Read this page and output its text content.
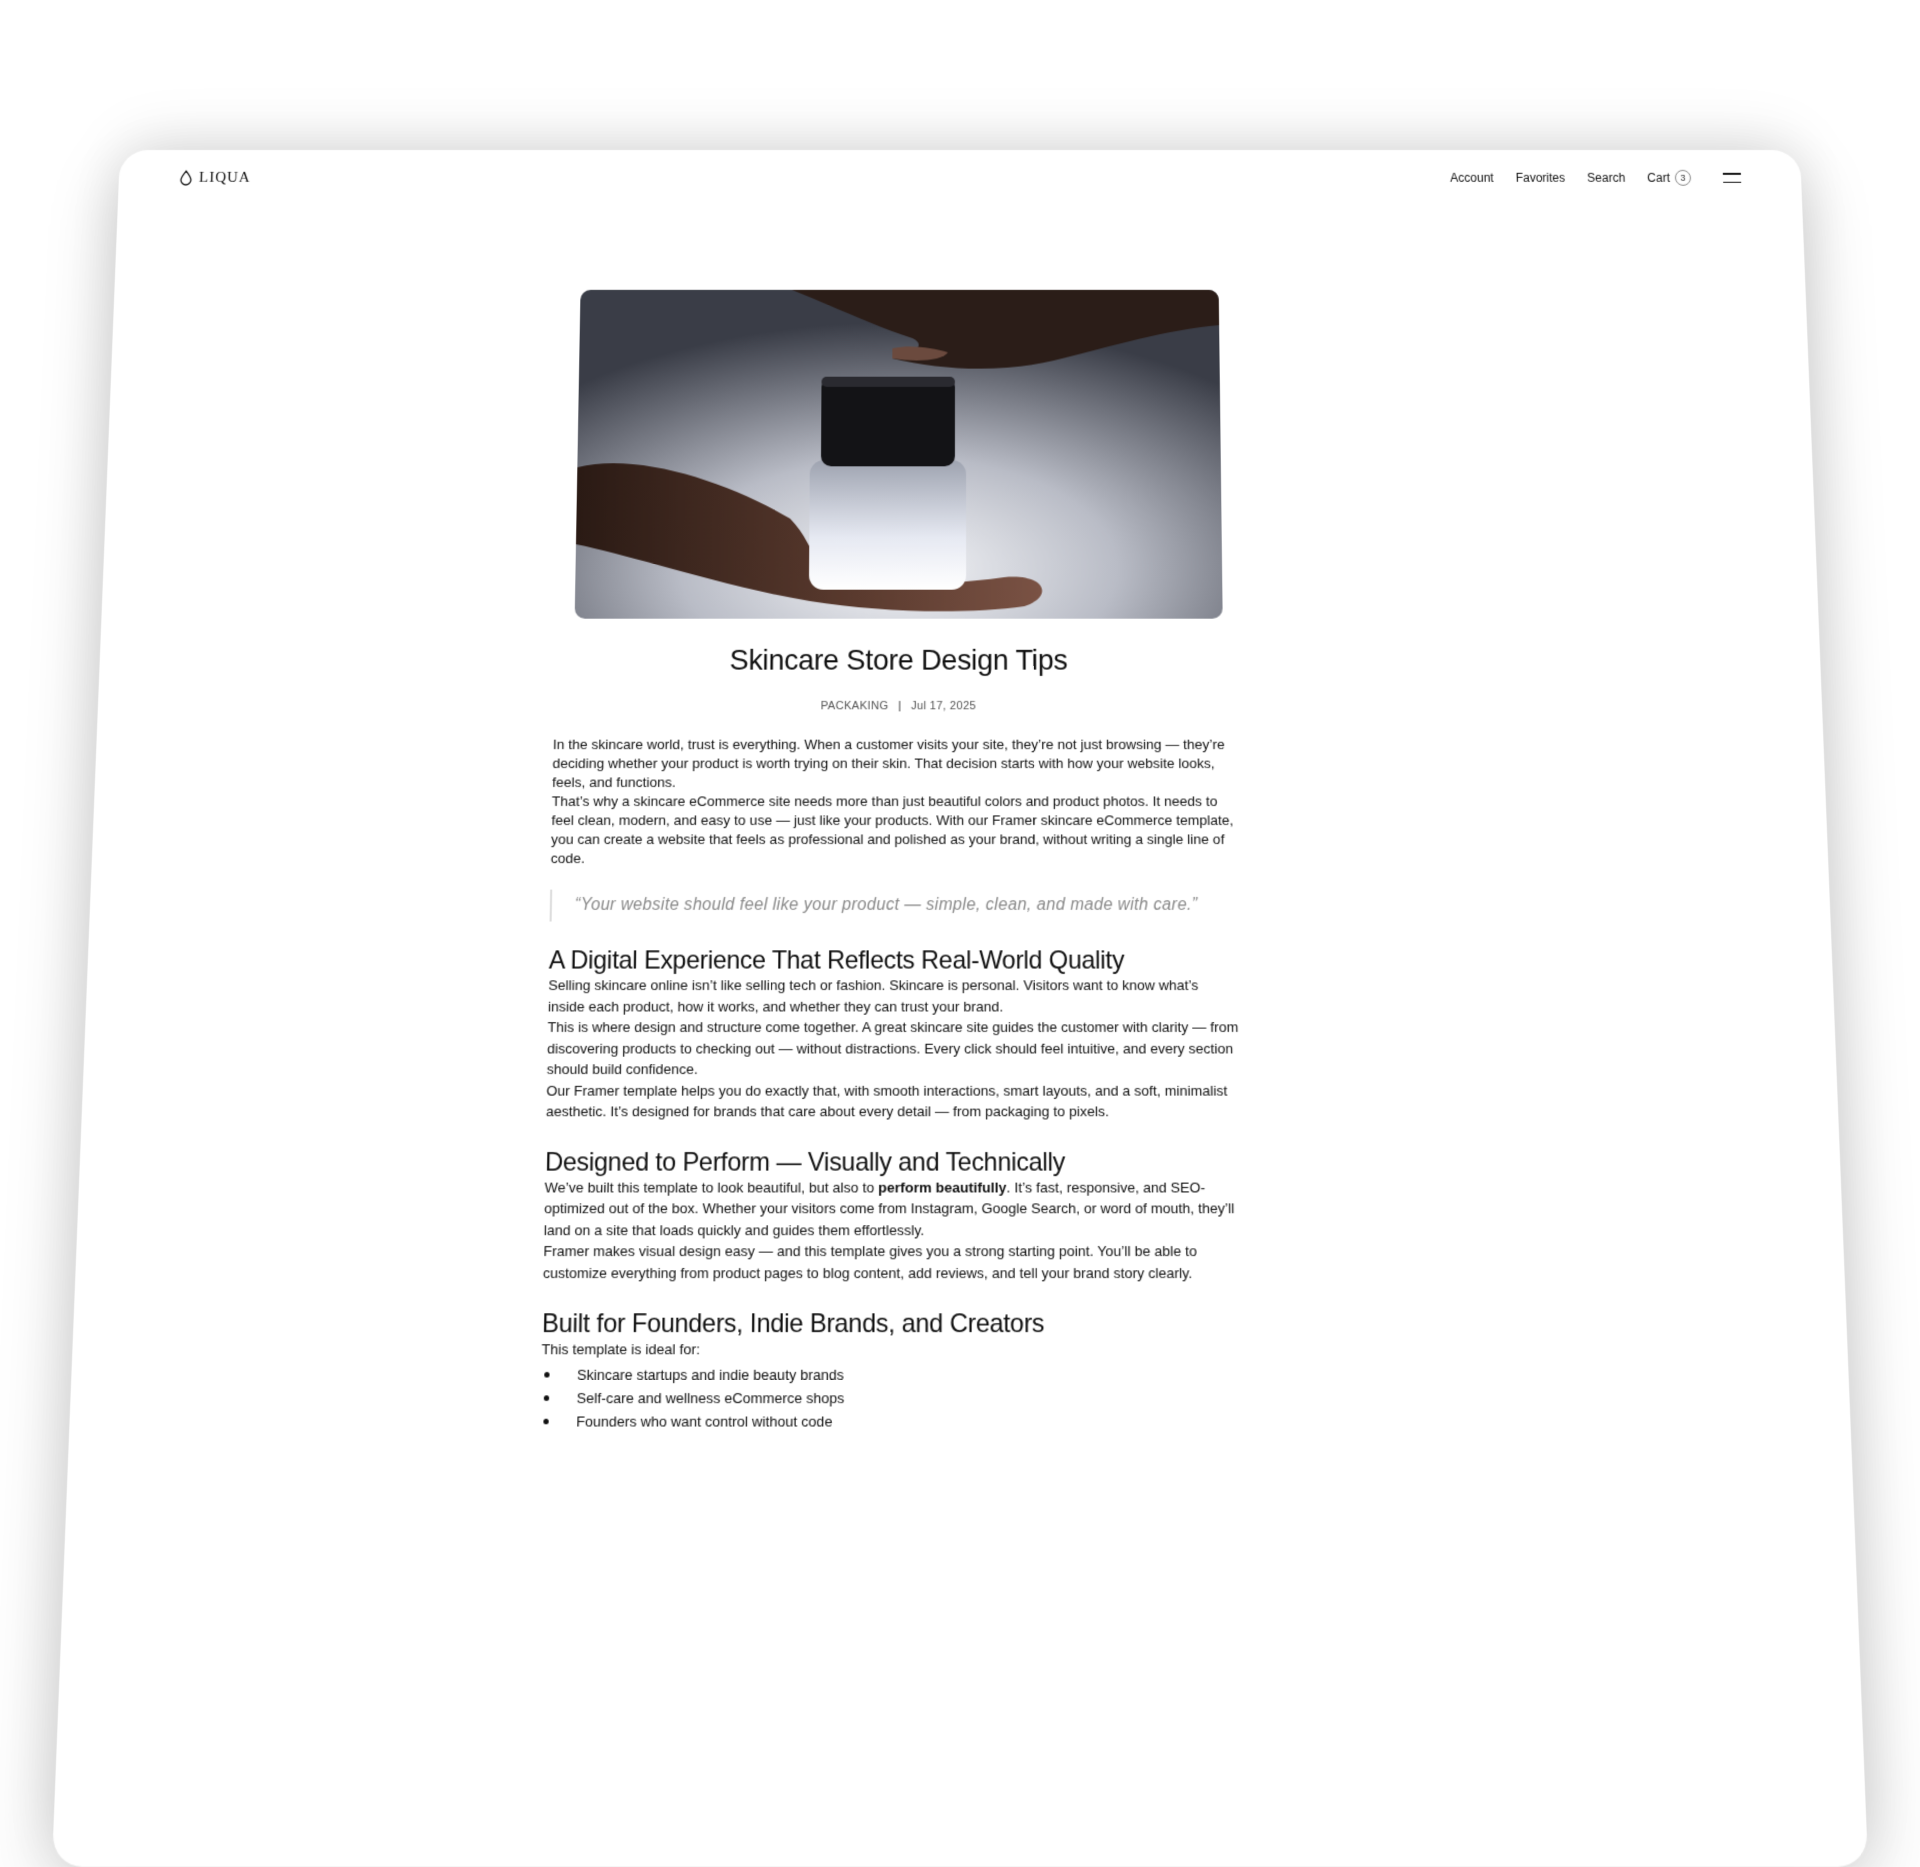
LIQUA	Account Favorites Search Cart	3
Skincare Store Design Tips
PACKAKING | Jul 17, 2025

In the skincare world, trust is everything. When a customer visits your site, they’re not just browsing — they’re deciding whether your product is worth trying on their skin. That decision starts with how your website looks, feels, and functions.

That’s why a skincare eCommerce site needs more than just beautiful colors and product photos. It needs to feel clean, modern, and easy to use — just like your products. With our Framer skincare eCommerce template, you can create a website that feels as professional and polished as your brand, without writing a single line of code.

“Your website should feel like your product — simple, clean, and made with care.”
A Digital Experience That Reflects Real-World Quality

Selling skincare online isn’t like selling tech or fashion. Skincare is personal. Visitors want to know what’s inside each product, how it works, and whether they can trust your brand.

This is where design and structure come together. A great skincare site guides the customer with clarity — from discovering products to checking out — without distractions. Every click should feel intuitive, and every section should build confidence.

Our Framer template helps you do exactly that, with smooth interactions, smart layouts, and a soft, minimalist aesthetic. It’s designed for brands that care about every detail — from packaging to pixels.

Designed to Perform — Visually and Technically

We’ve built this template to look beautiful, but also to perform beautifully. It’s fast, responsive, and SEO-optimized out of the box. Whether your visitors come from Instagram, Google Search, or word of mouth, they’ll land on a site that loads quickly and guides them effortlessly.

Framer makes visual design easy — and this template gives you a strong starting point. You’ll be able to customize everything from product pages to blog content, add reviews, and tell your brand story clearly.

Built for Founders, Indie Brands, and Creators

This template is ideal for:

Skincare startups and indie beauty brands
Self-care and wellness eCommerce shops
Founders who want control without code
